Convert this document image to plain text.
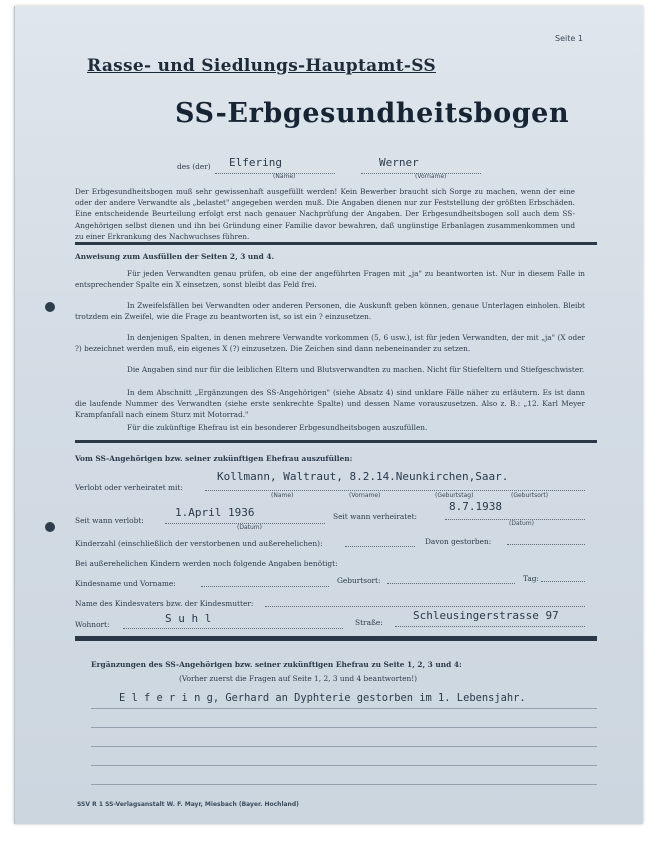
Seite 1
Rasse- und Siedlungs-Hauptamt-SS
SS-Erbgesundheitsbogen
des (der) Elfering
(Name)
Werner
(Vorname)
Der Erbgesundheitsbogen muß sehr gewissenhaft ausgefüllt werden! Kein Bewerber braucht sich Sorge zu machen, wenn der eine oder der andere Verwandte als „belastet" angegeben werden muß. Die Angaben dienen nur zur Feststellung der größten Erbschäden. Eine entscheidende Beurteilung erfolgt erst nach genauer Nachprüfung der Angaben. Der Erbgesundheitsbogen soll auch dem SS-Angehörigen selbst dienen und ihn bei Gründung einer Familie davor bewahren, daß ungünstige Erbanlagen zusammenkommen und zu einer Erkrankung des Nachwuchses führen.
Anweisung zum Ausfüllen der Seiten 2, 3 und 4.
Für jeden Verwandten genau prüfen, ob eine der angeführten Fragen mit „ja" zu beantworten ist. Nur in diesem Falle in entsprechender Spalte ein X einsetzen, sonst bleibt das Feld frei.
In Zweifelsfällen bei Verwandten oder anderen Personen, die Auskunft geben können, genaue Unterlagen einholen. Bleibt trotzdem ein Zweifel, wie die Frage zu beantworten ist, so ist ein ? einzusetzen.
In denjenigen Spalten, in denen mehrere Verwandte vorkommen (5, 6 usw.), ist für jeden Verwandten, der mit „ja" (X oder ?) bezeichnet werden muß, ein eigenes X (?) einzusetzen. Die Zeichen sind dann nebeneinander zu setzen.
Die Angaben sind nur für die leiblichen Eltern und Blutsverwandten zu machen. Nicht für Stiefeltern und Stiefgeschwister.
In dem Abschnitt „Ergänzungen des SS-Angehörigen" (siehe Absatz 4) sind unklare Fälle näher zu erläutern. Es ist dann die laufende Nummer des Verwandten (siehe erste senkrechte Spalte) und dessen Name vorauszusetzen. Also z. B.: „12. Karl Meyer Krampfanfall nach einem Sturz mit Motorrad."
Für die zukünftige Ehefrau ist ein besonderer Erbgesundheitsbogen auszufüllen.
Vom SS-Angehörigen bzw. seiner zukünftigen Ehefrau auszufüllen:
Verlobt oder verheiratet mit:
Kollmann, Waltraut, 8.2.14.Neunkirchen,Saar.
(Name)	(Vorname)	(Geburtstag)	(Geburtsort)
Seit wann verlobt:
1.April 1936
(Datum)
Seit wann verheiratet:
8.7.1938
(Datum)
Kinderzahl (einschließlich der verstorbenen und außerehelichen):	Davon gestorben:
Bei außerehelichen Kindern werden noch folgende Angaben benötigt:
Kindesname und Vorname:	Geburtsort:	Tag:
Name des Kindesvaters bzw. der Kindesmutter:
Wohnort:	S u h l	Straße:
Schleusingerstrasse 97
Ergänzungen des SS-Angehörigen bzw. seiner zukünftigen Ehefrau zu Seite 1, 2, 3 und 4:
(Vorher zuerst die Fragen auf Seite 1, 2, 3 und 4 beantworten!)
E l f e r i n g, Gerhard an Dyphterie gestorben im 1. Lebensjahr.
SSV R 1 SS-Verlagsanstalt W. F. Mayr, Miesbach (Bayer. Hochland)
